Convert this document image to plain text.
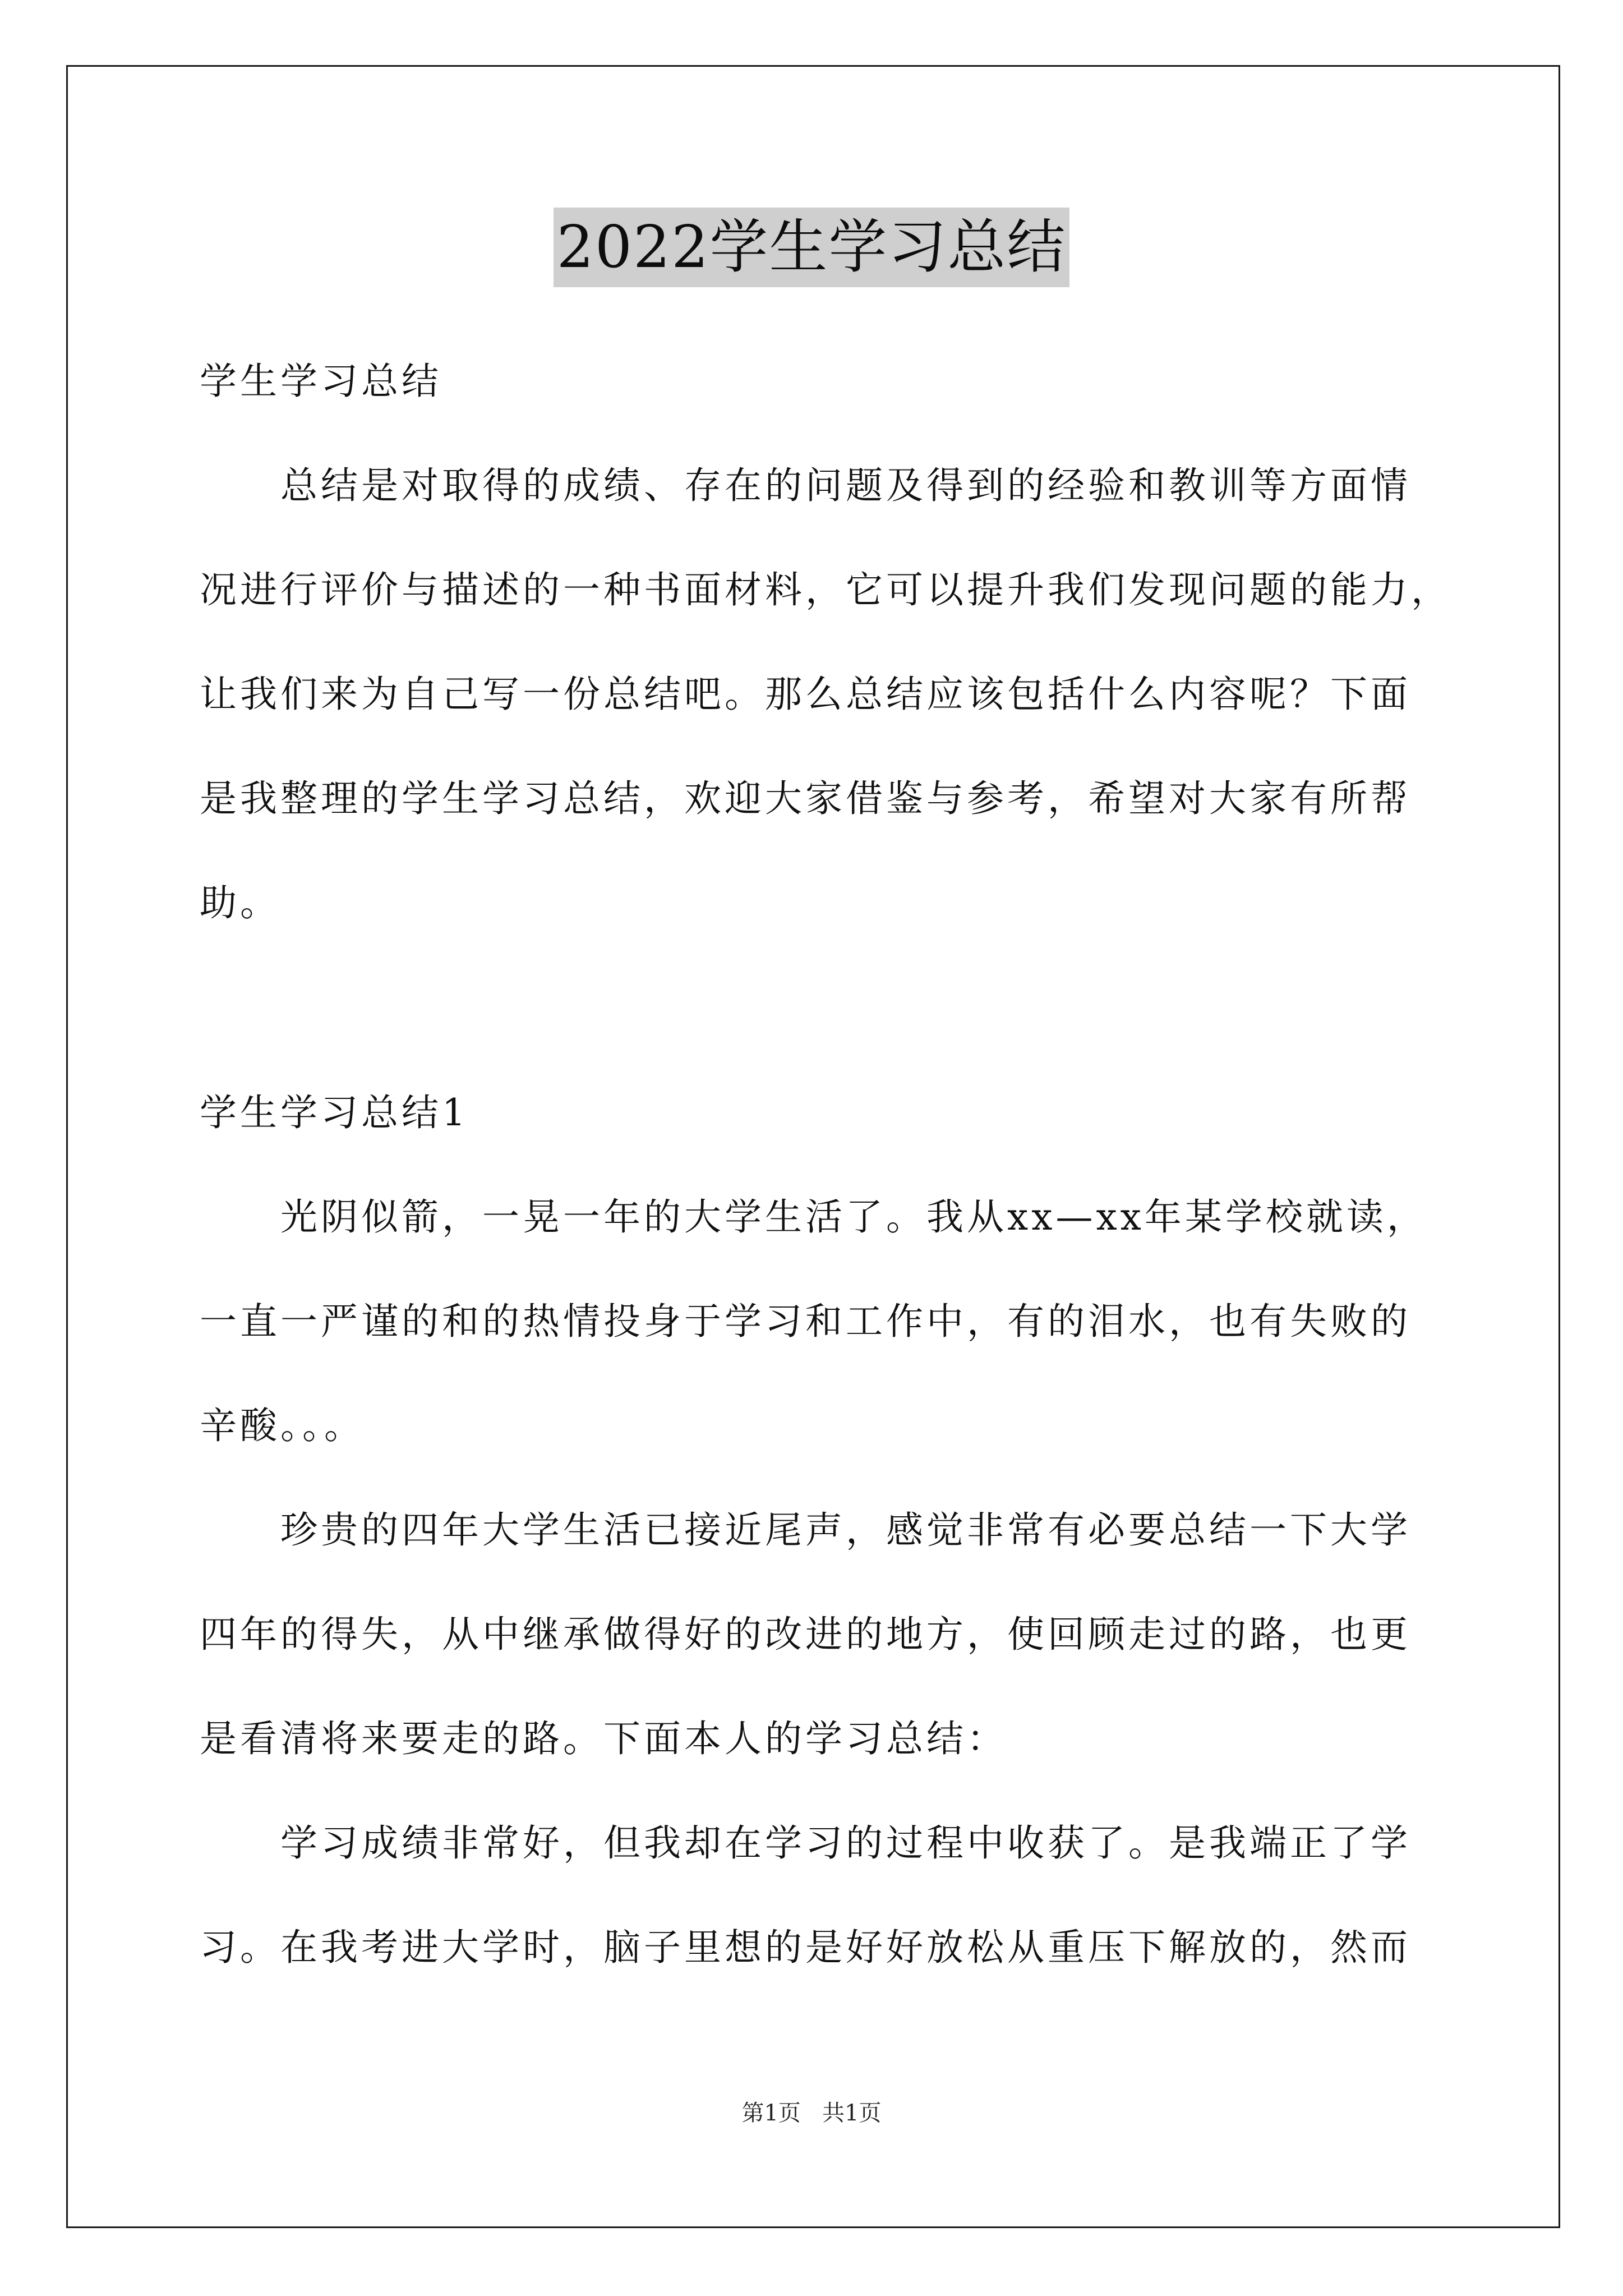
2022学生学习总结
学生学习总结
总结是对取得的成绩、存在的问题及得到的经验和教训等方面情
况进行评价与描述的一种书面材料，它可以提升我们发现问题的能力，
让我们来为自己写一份总结吧。那么总结应该包括什么内容呢？下面
是我整理的学生学习总结，欢迎大家借鉴与参考，希望对大家有所帮
助。
学生学习总结1
光阴似箭，一晃一年的大学生活了。我从xx—xx年某学校就读，
一直一严谨的和的热情投身于学习和工作中，有的泪水，也有失败的
辛酸。。。
珍贵的四年大学生活已接近尾声，感觉非常有必要总结一下大学
四年的得失，从中继承做得好的改进的地方，使回顾走过的路，也更
是看清将来要走的路。下面本人的学习总结：
学习成绩非常好，但我却在学习的过程中收获了。是我端正了学
习。在我考进大学时，脑子里想的是好好放松从重压下解放的，然而
第1页   共1页
